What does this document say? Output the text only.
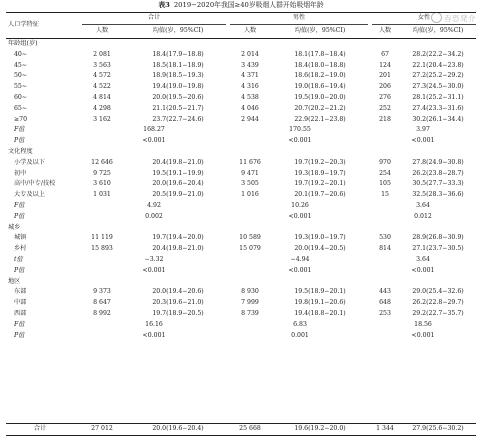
表3 2019−2020年我国≥40岁吸烟人群开始吸烟年龄
吞恐発介
人口学特征
合计
人数	均值(岁，95%CI)
男性
人数	均值(岁，95%CI)
女性
人数	均值(岁，95%CI)
年龄组(岁)
40~	2 081	18.4(17.9−18.8)	2 014	18.1(17.8−18.4)	67	28.2(22.2−34.2)
45~	3 563	18.5(18.1−18.9)	3 439	18.4(18.0−18.8)	124	22.1(20.4−23.8)
50~	4 572	18.9(18.5−19.3)	4 371	18.6(18.2−19.0)	201	27.2(25.2−29.2)
55~	4 522	19.4(19.0−19.8)	4 316	19.0(18.6−19.4)	206	27.3(24.5−30.0)
60~	4 814	20.0(19.5−20.6)	4 538	19.5(19.0−20.0)	276	28.1(25.2−31.1)
65~	4 298	21.1(20.5−21.7)	4 046	20.7(20.2−21.2)	252	27.4(23.3−31.6)
≥70	3 162	23.7(22.7−24.6)	2 944	22.9(22.1−23.8)	218	30.2(26.1−34.4)
F值	168.27	170.55	3.97
P值	<0.001	<0.001	<0.001
文化程度
小学及以下	12 646	20.4(19.8−21.0)	11 676	19.7(19.2−20.3)	970	27.8(24.9−30.8)
初中	9 725	19.5(19.1−19.9)	9 471	19.3(18.9−19.7)	254	26.2(23.8−28.7)
高中/中专/技校	3 610	20.0(19.6−20.4)	3 505	19.7(19.2−20.1)	105	30.5(27.7−33.3)
大专及以上	1 031	20.5(19.9−21.0)	1 016	20.1(19.7−20.6)	15	32.5(28.3−36.6)
F值	4.92	10.26	3.64
P值	0.002	<0.001	0.012
城乡
城镇	11 119	19.7(19.4−20.0)	10 589	19.3(19.0−19.7)	530	28.9(26.8−30.9)
乡村	15 893	20.4(19.8−21.0)	15 079	20.0(19.4−20.5)	814	27.1(23.7−30.5)
t值	−3.32	−4.94	3.64
P值	<0.001	<0.001	<0.001
地区
东部	9 373	20.0(19.4−20.6)	8 930	19.5(18.9−20.1)	443	29.0(25.4−32.6)
中部	8 647	20.3(19.6−21.0)	7 999	19.8(19.1−20.6)	648	26.2(22.8−29.7)
西部	8 992	19.7(18.9−20.5)	8 739	19.4(18.8−20.1)	253	29.2(22.7−35.7)
F值	16.16	6.83	18.56
P值	<0.001	0.001	<0.001
合计	27 012	20.0(19.6−20.4)	25 668	19.6(19.2−20.0)	1 344	27.9(25.6−30.2)
